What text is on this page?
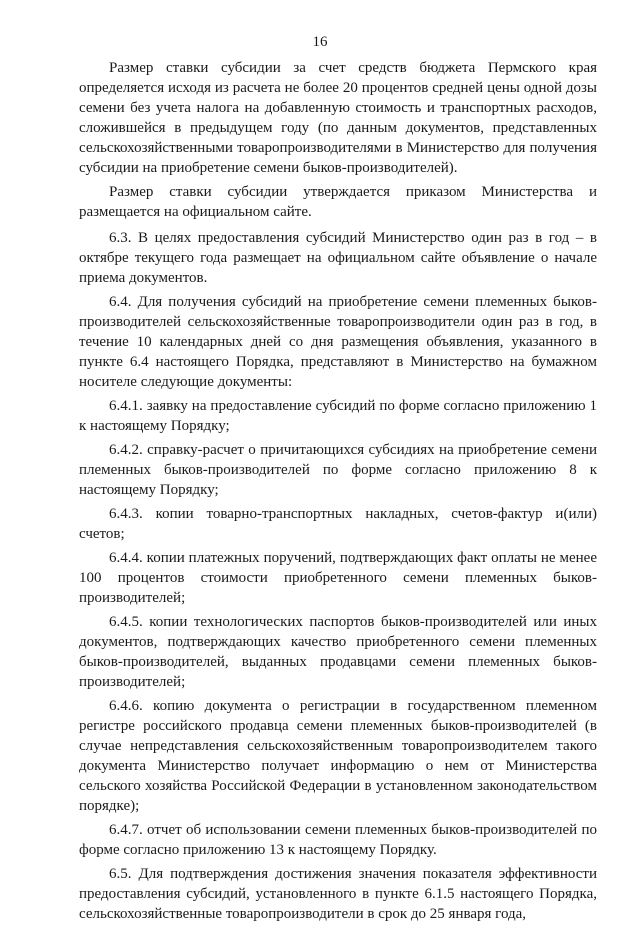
16

Размер ставки субсидии за счет средств бюджета Пермского края определяется исходя из расчета не более 20 процентов средней цены одной дозы семени без учета налога на добавленную стоимость и транспортных расходов, сложившейся в предыдущем году (по данным документов, представленных сельскохозяйственными товаропроизводителями в Министерство для получения субсидии на приобретение семени быков-производителей).

Размер ставки субсидии утверждается приказом Министерства и размещается на официальном сайте.

6.3. В целях предоставления субсидий Министерство один раз в год – в октябре текущего года размещает на официальном сайте объявление о начале приема документов.

6.4. Для получения субсидий на приобретение семени племенных быков-производителей сельскохозяйственные товаропроизводители один раз в год, в течение 10 календарных дней со дня размещения объявления, указанного в пункте 6.4 настоящего Порядка, представляют в Министерство на бумажном носителе следующие документы:

6.4.1. заявку на предоставление субсидий по форме согласно приложению 1 к настоящему Порядку;

6.4.2. справку-расчет о причитающихся субсидиях на приобретение семени племенных быков-производителей по форме согласно приложению 8 к настоящему Порядку;

6.4.3. копии товарно-транспортных накладных, счетов-фактур и(или) счетов;

6.4.4. копии платежных поручений, подтверждающих факт оплаты не менее 100 процентов стоимости приобретенного семени племенных быков-производителей;

6.4.5. копии технологических паспортов быков-производителей или иных документов, подтверждающих качество приобретенного семени племенных быков-производителей, выданных продавцами семени племенных быков-производителей;

6.4.6. копию документа о регистрации в государственном племенном регистре российского продавца семени племенных быков-производителей (в случае непредставления сельскохозяйственным товаропроизводителем такого документа Министерство получает информацию о нем от Министерства сельского хозяйства Российской Федерации в установленном законодательством порядке);

6.4.7. отчет об использовании семени племенных быков-производителей по форме согласно приложению 13 к настоящему Порядку.

6.5. Для подтверждения достижения значения показателя эффективности предоставления субсидий, установленного в пункте 6.1.5 настоящего Порядка, сельскохозяйственные товаропроизводители в срок до 25 января года,
